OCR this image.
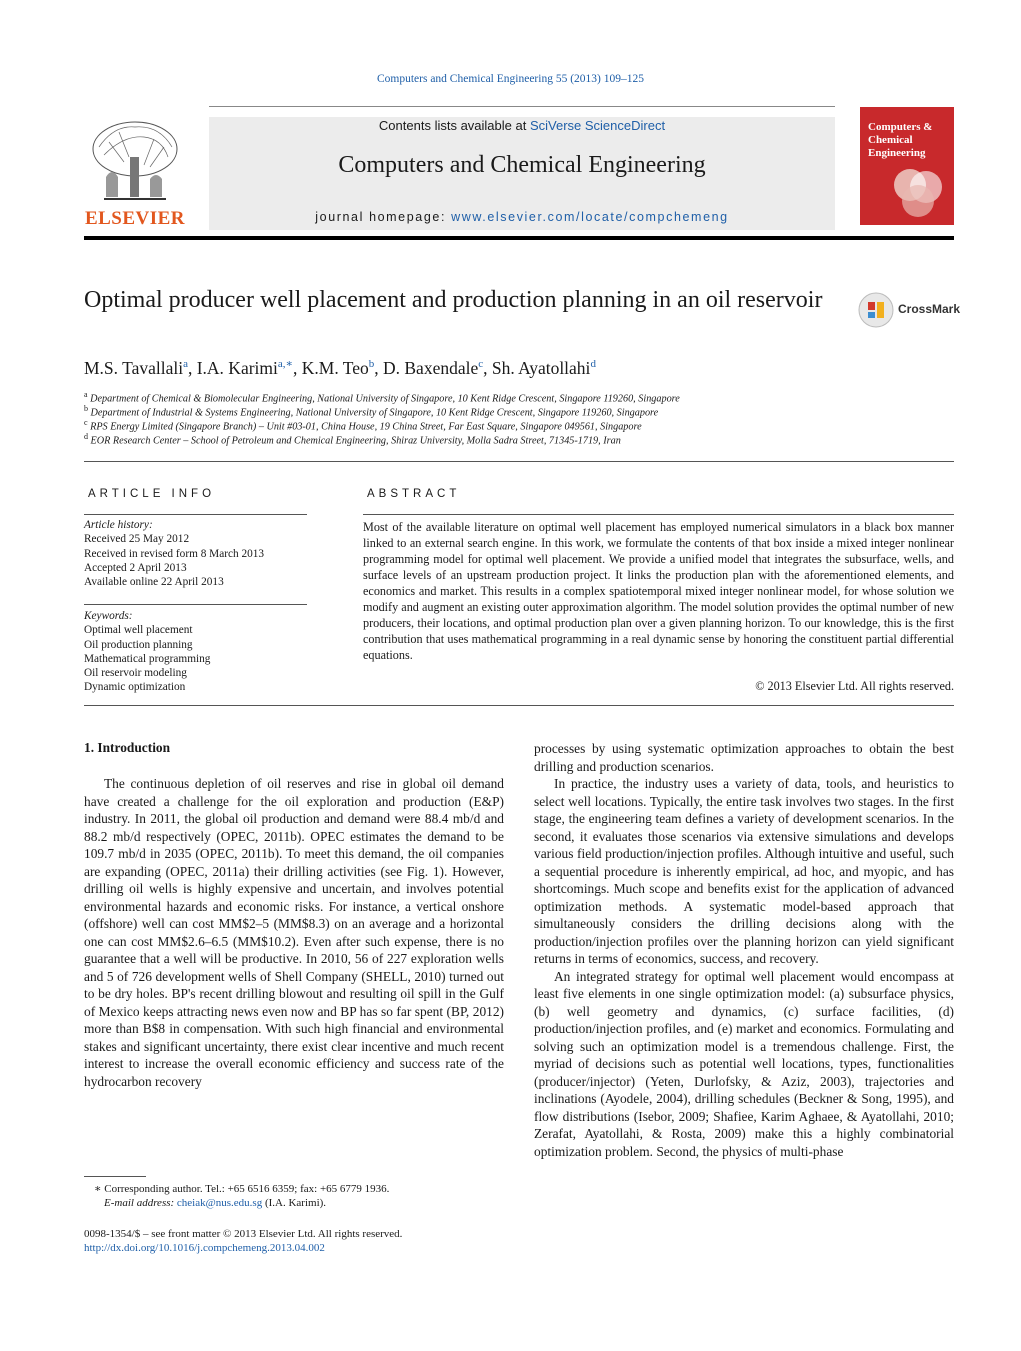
Computers and Chemical Engineering 55 (2013) 109–125
ELSEVIER
Contents lists available at SciVerse ScienceDirect
Computers and Chemical Engineering
journal homepage: www.elsevier.com/locate/compchemeng
Computers & Chemical Engineering
Optimal producer well placement and production planning in an oil reservoir	CrossMark
M.S. Tavallali$^a$, I.A. Karimi$^{a,∗}$, K.M. Teo$^b$, D. Baxendale$^c$, Sh. Ayatollahi$^d$
$^a$ Department of Chemical & Biomolecular Engineering, National University of Singapore, 10 Kent Ridge Crescent, Singapore 119260, Singapore
$^b$ Department of Industrial & Systems Engineering, National University of Singapore, 10 Kent Ridge Crescent, Singapore 119260, Singapore
$^c$ RPS Energy Limited (Singapore Branch) – Unit #03-01, China House, 19 China Street, Far East Square, Singapore 049561, Singapore
$^d$ EOR Research Center – School of Petroleum and Chemical Engineering, Shiraz University, Molla Sadra Street, 71345-1719, Iran
ARTICLE INFO
Article history:
Received 25 May 2012
Received in revised form 8 March 2013
Accepted 2 April 2013
Available online 22 April 2013
Keywords:
Optimal well placement
Oil production planning
Mathematical programming
Oil reservoir modeling
Dynamic optimization
ABSTRACT
Most of the available literature on optimal well placement has employed numerical simulators in a black box manner linked to an external search engine. In this work, we formulate the contents of that box inside a mixed integer nonlinear programming model for optimal well placement. We provide a unified model that integrates the subsurface, wells, and surface levels of an upstream production project. It links the production plan with the aforementioned elements, and economics and market. This results in a complex spatiotemporal mixed integer nonlinear model, for whose solution we modify and augment an existing outer approximation algorithm. The model solution provides the optimal number of new producers, their locations, and optimal production plan over a given planning horizon. To our knowledge, this is the first contribution that uses mathematical programming in a real dynamic sense by honoring the constituent partial differential equations.
© 2013 Elsevier Ltd. All rights reserved.
1. Introduction

The continuous depletion of oil reserves and rise in global oil demand have created a challenge for the oil exploration and production (E&P) industry. In 2011, the global oil production and demand were 88.4 mb/d and 88.2 mb/d respectively (OPEC, 2011b). OPEC estimates the demand to be 109.7 mb/d in 2035 (OPEC, 2011b). To meet this demand, the oil companies are expanding (OPEC, 2011a) their drilling activities (see Fig. 1). However, drilling oil wells is highly expensive and uncertain, and involves potential environmental hazards and economic risks. For instance, a vertical onshore (offshore) well can cost MM$2–5 (MM$8.3) on an average and a horizontal one can cost MM$2.6–6.5 (MM$10.2). Even after such expense, there is no guarantee that a well will be productive. In 2010, 56 of 227 exploration wells and 5 of 726 development wells of Shell Company (SHELL, 2010) turned out to be dry holes. BP's recent drilling blowout and resulting oil spill in the Gulf of Mexico keeps attracting news even now and BP has so far spent (BP, 2012) more than B$8 in compensation. With such high financial and environmental stakes and significant uncertainty, there exist clear incentive and much recent interest to increase the overall economic efficiency and success rate of the hydrocarbon recovery

processes by using systematic optimization approaches to obtain the best drilling and production scenarios.

In practice, the industry uses a variety of data, tools, and heuristics to select well locations. Typically, the entire task involves two stages. In the first stage, the engineering team defines a variety of development scenarios. In the second, it evaluates those scenarios via extensive simulations and develops various field production/injection profiles. Although intuitive and useful, such a sequential procedure is inherently empirical, ad hoc, and myopic, and has shortcomings. Much scope and benefits exist for the application of advanced optimization methods. A systematic model-based approach that simultaneously considers the drilling decisions along with the production/injection profiles over the planning horizon can yield significant returns in terms of economics, success, and recovery.

An integrated strategy for optimal well placement would encompass at least five elements in one single optimization model: (a) subsurface physics, (b) well geometry and dynamics, (c) surface facilities, (d) production/injection profiles, and (e) market and economics. Formulating and solving such an optimization model is a tremendous challenge. First, the myriad of decisions such as potential well locations, types, functionalities (producer/injector) (Yeten, Durlofsky, & Aziz, 2003), trajectories and inclinations (Ayodele, 2004), drilling schedules (Beckner & Song, 1995), and flow distributions (Isebor, 2009; Shafiee, Karim Aghaee, & Ayatollahi, 2010; Zerafat, Ayatollahi, & Rosta, 2009) make this a highly combinatorial optimization problem. Second, the physics of multi-phase

∗ Corresponding author. Tel.: +65 6516 6359; fax: +65 6779 1936.
E-mail address: cheiak@nus.edu.sg (I.A. Karimi).
0098-1354/$ – see front matter © 2013 Elsevier Ltd. All rights reserved.
http://dx.doi.org/10.1016/j.compchemeng.2013.04.002
